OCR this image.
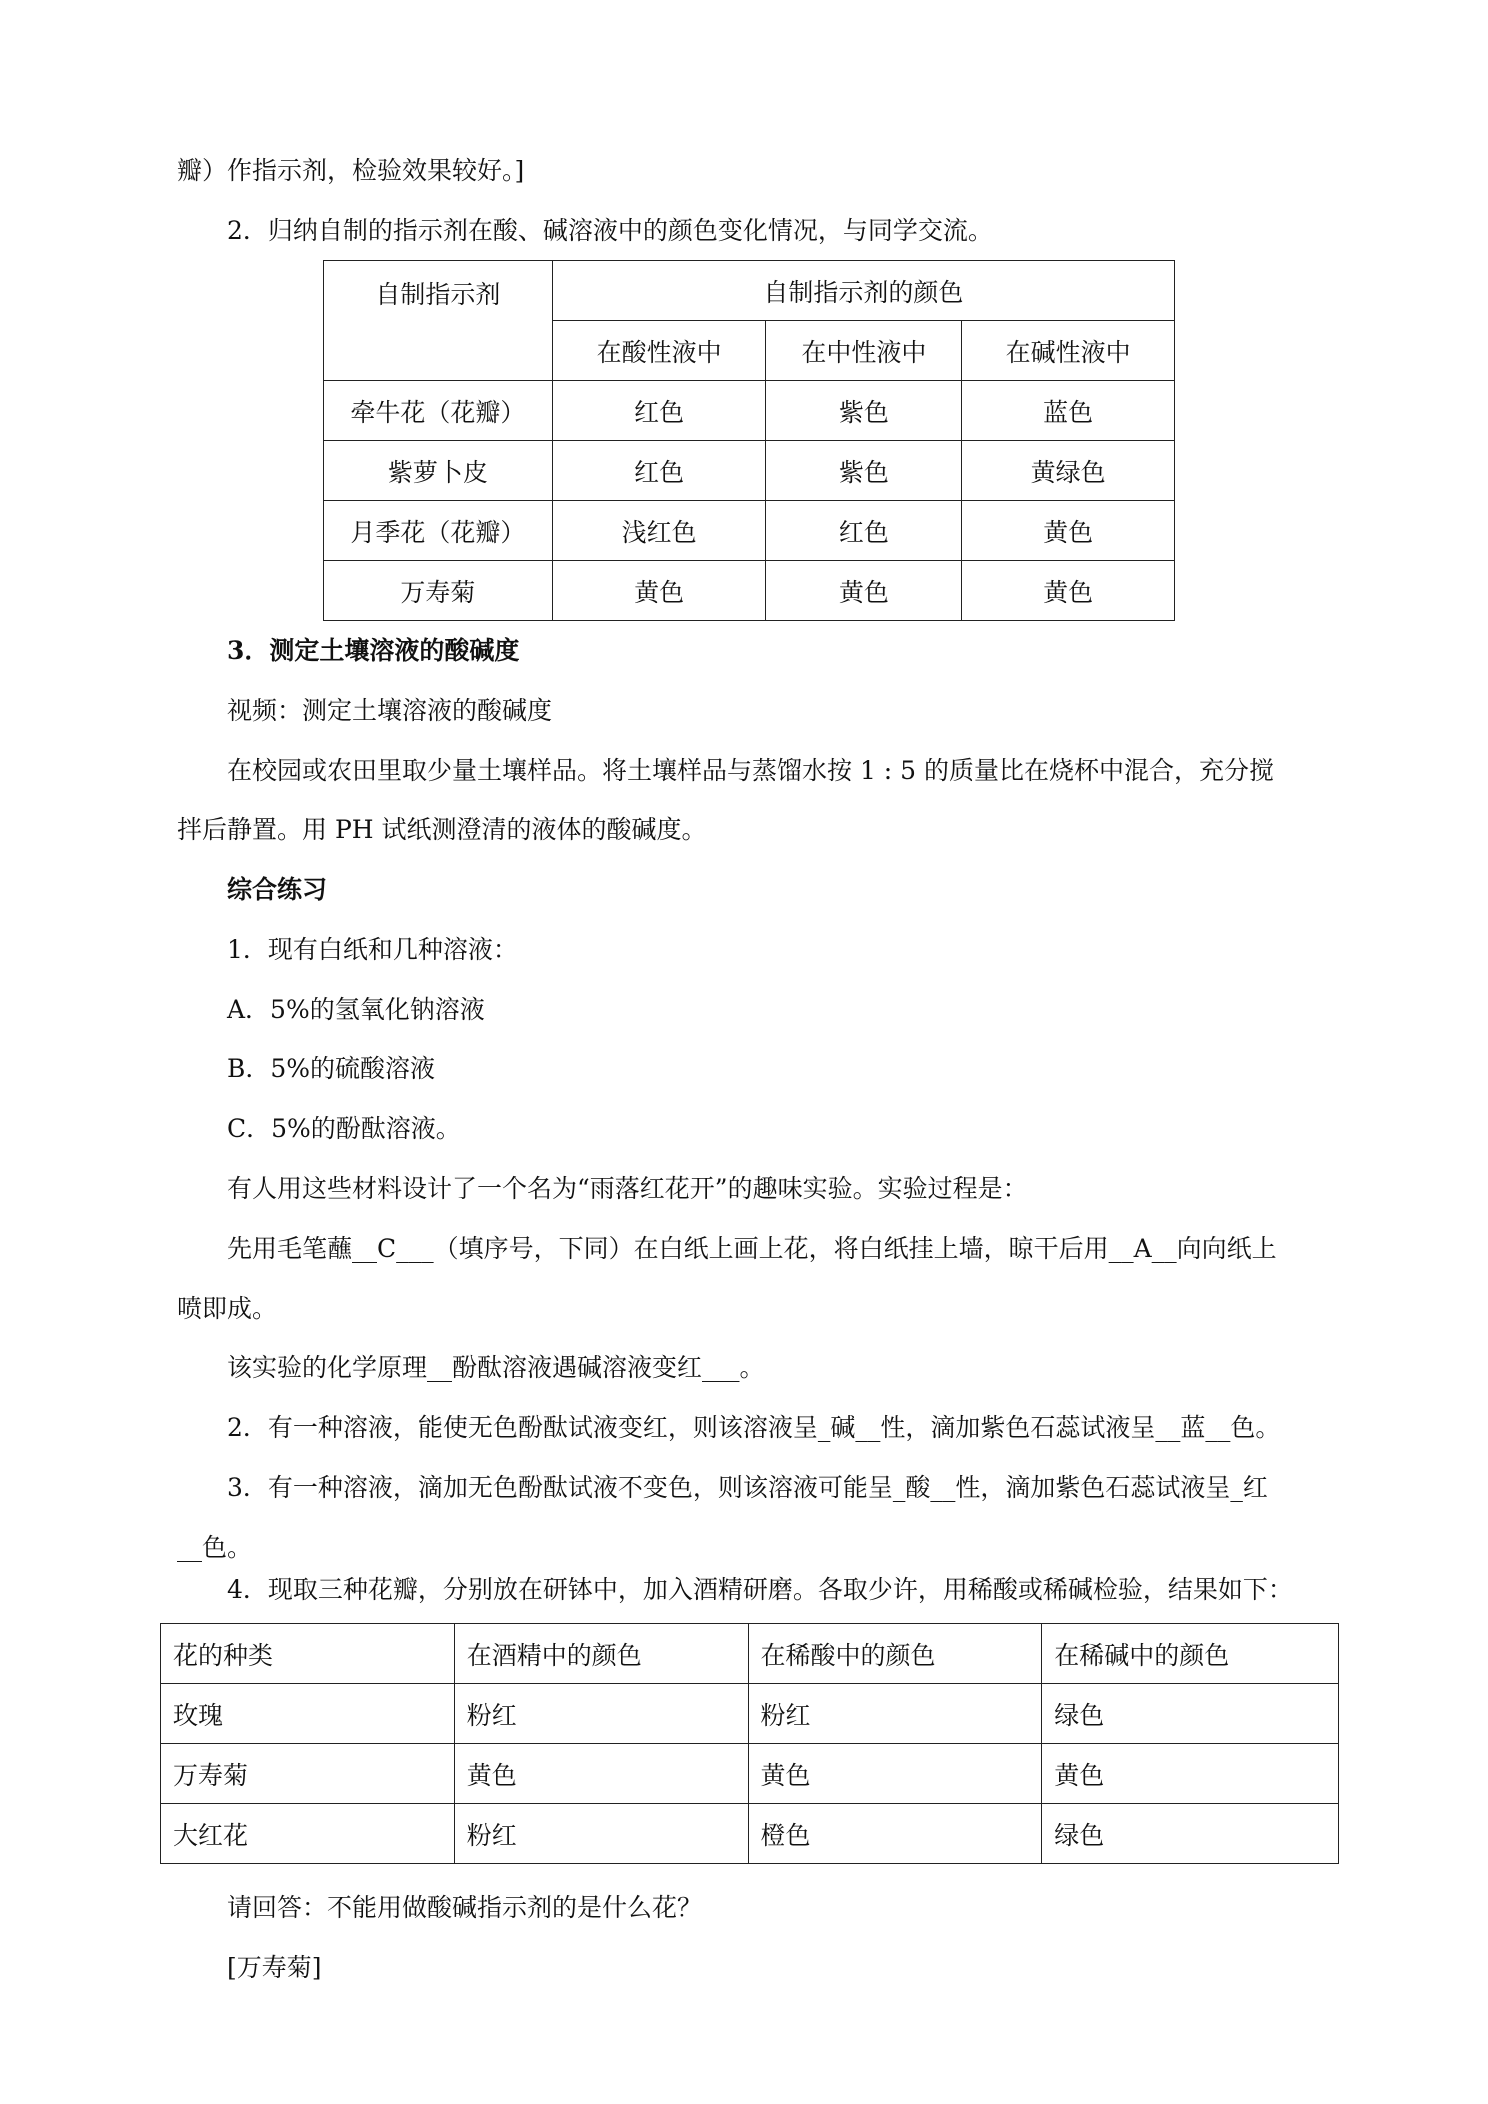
瓣）作指示剂，检验效果较好。]
2．归纳自制的指示剂在酸、碱溶液中的颜色变化情况，与同学交流。
自制指示剂	自制指示剂的颜色		
	在酸性液中	在中性液中	在碱性液中
牵牛花（花瓣）	红色	紫色	蓝色
紫萝卜皮	红色	紫色	黄绿色
月季花（花瓣）	浅红色	红色	黄色
万寿菊	黄色	黄色	黄色
3．测定土壤溶液的酸碱度
视频：测定土壤溶液的酸碱度
在校园或农田里取少量土壤样品。将土壤样品与蒸馏水按 1 : 5 的质量比在烧杯中混合，充分搅
拌后静置。用 PH 试纸测澄清的液体的酸碱度。
综合练习
1．现有白纸和几种溶液：
A．5%的氢氧化钠溶液
B．5%的硫酸溶液
C．5%的酚酞溶液。
有人用这些材料设计了一个名为“雨落红花开”的趣味实验。实验过程是：
先用毛笔蘸__C___（填序号，下同）在白纸上画上花，将白纸挂上墙，晾干后用__A__向向纸上
喷即成。
该实验的化学原理__酚酞溶液遇碱溶液变红___。
2．有一种溶液，能使无色酚酞试液变红，则该溶液呈_碱__性，滴加紫色石蕊试液呈__蓝__色。
3．有一种溶液，滴加无色酚酞试液不变色，则该溶液可能呈_酸__性，滴加紫色石蕊试液呈_红
__色。
4．现取三种花瓣，分别放在研钵中，加入酒精研磨。各取少许，用稀酸或稀碱检验，结果如下：
花的种类	在酒精中的颜色	在稀酸中的颜色	在稀碱中的颜色
玫瑰	粉红	粉红	绿色
万寿菊	黄色	黄色	黄色
大红花	粉红	橙色	绿色
请回答：不能用做酸碱指示剂的是什么花？
[万寿菊]
